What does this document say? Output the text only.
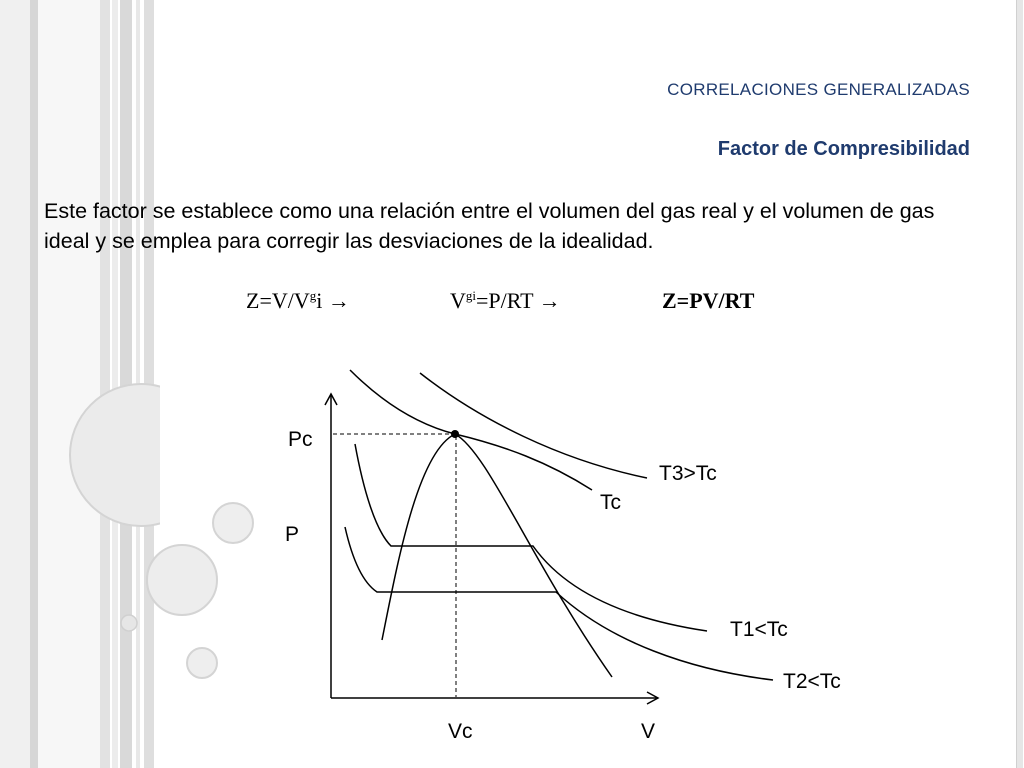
CORRELACIONES GENERALIZADAS
Factor de Compresibilidad
Este factor se establece como una relación entre el volumen del gas real y el volumen de gas ideal y se emplea para corregir las desviaciones de la idealidad.
$Z=V/V^gi$ →	$V^{gi}=P/RT$ →	Z=PV/RT
Pc
P
Vc	V
T3>Tc
Tc
T1<Tc
T2<Tc
